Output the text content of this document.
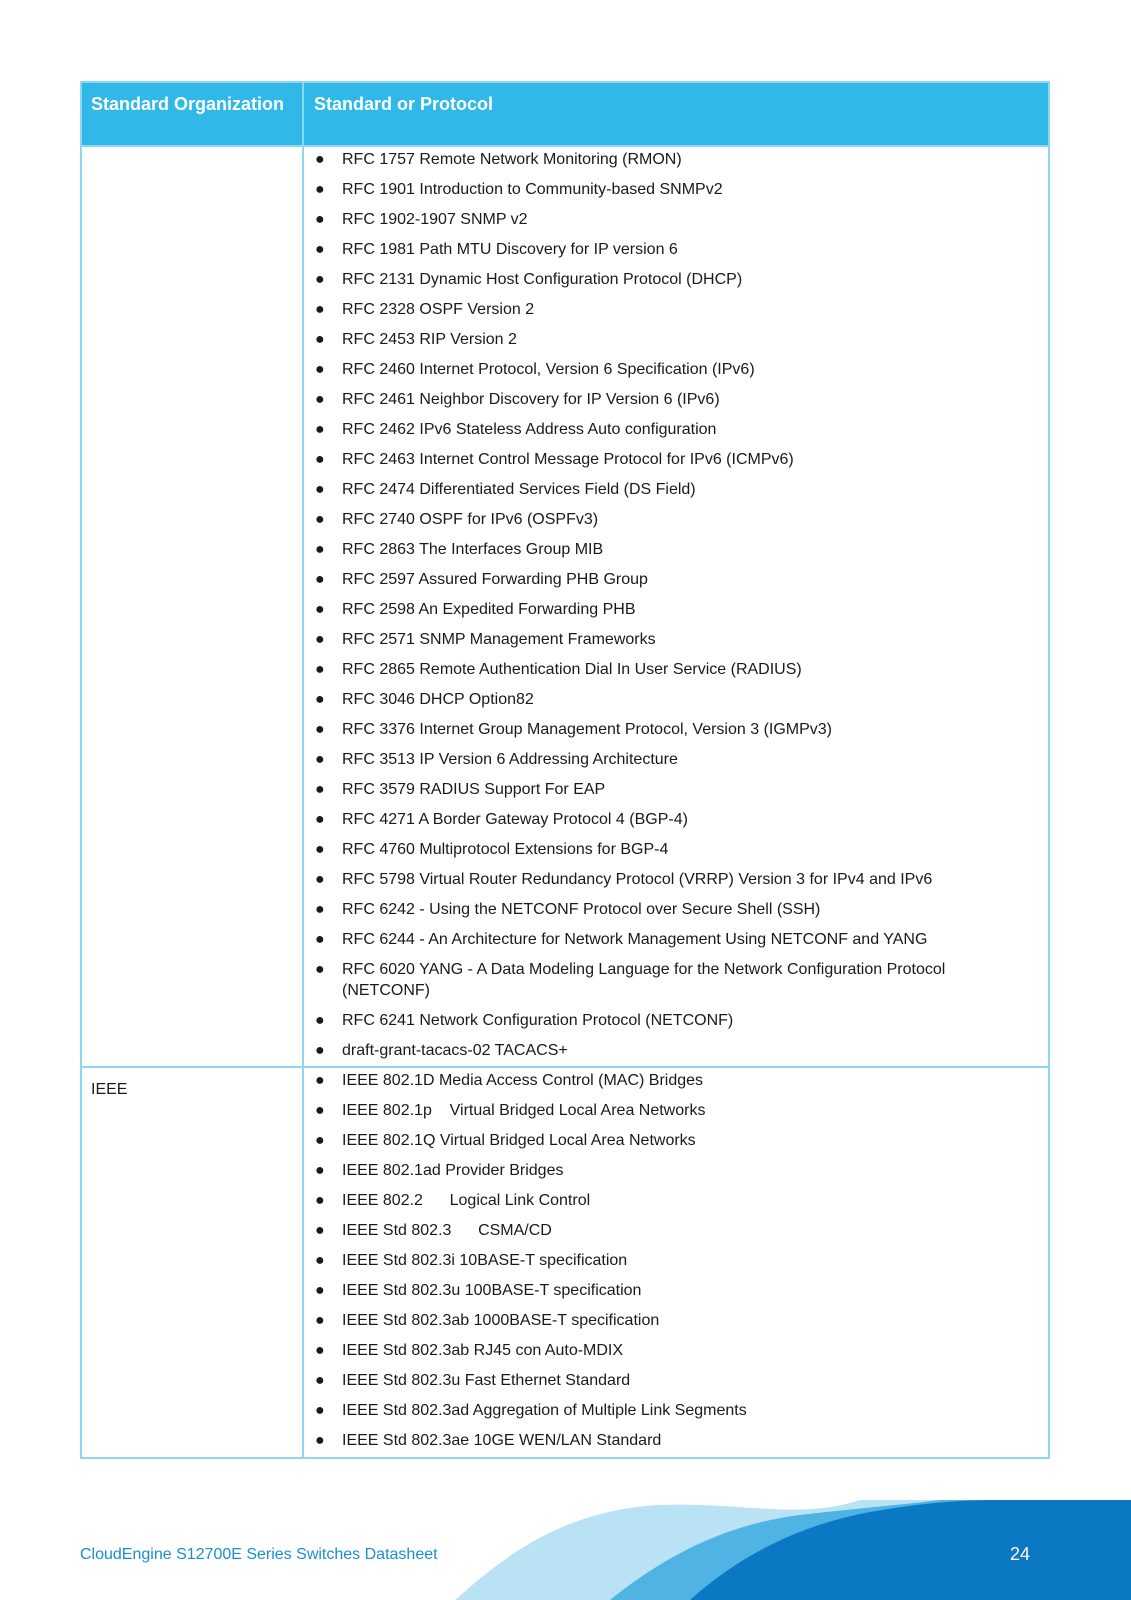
Standard Organization	Standard or Protocol
● RFC 1757 Remote Network Monitoring (RMON)
● RFC 1901 Introduction to Community-based SNMPv2
● RFC 1902-1907 SNMP v2
● RFC 1981 Path MTU Discovery for IP version 6
● RFC 2131 Dynamic Host Configuration Protocol (DHCP)
● RFC 2328 OSPF Version 2
● RFC 2453 RIP Version 2
● RFC 2460 Internet Protocol, Version 6 Specification (IPv6)
● RFC 2461 Neighbor Discovery for IP Version 6 (IPv6)
● RFC 2462 IPv6 Stateless Address Auto configuration
● RFC 2463 Internet Control Message Protocol for IPv6 (ICMPv6)
● RFC 2474 Differentiated Services Field (DS Field)
● RFC 2740 OSPF for IPv6 (OSPFv3)
● RFC 2863 The Interfaces Group MIB
● RFC 2597 Assured Forwarding PHB Group
● RFC 2598 An Expedited Forwarding PHB
● RFC 2571 SNMP Management Frameworks
● RFC 2865 Remote Authentication Dial In User Service (RADIUS)
● RFC 3046 DHCP Option82
● RFC 3376 Internet Group Management Protocol, Version 3 (IGMPv3)
● RFC 3513 IP Version 6 Addressing Architecture
● RFC 3579 RADIUS Support For EAP
● RFC 4271 A Border Gateway Protocol 4 (BGP-4)
● RFC 4760 Multiprotocol Extensions for BGP-4
● RFC 5798 Virtual Router Redundancy Protocol (VRRP) Version 3 for IPv4 and IPv6
● RFC 6242 - Using the NETCONF Protocol over Secure Shell (SSH)
● RFC 6244 - An Architecture for Network Management Using NETCONF and YANG
● RFC 6020 YANG - A Data Modeling Language for the Network Configuration Protocol (NETCONF)
● RFC 6241 Network Configuration Protocol (NETCONF)
● draft-grant-tacacs-02 TACACS+
IEEE
● IEEE 802.1D Media Access Control (MAC) Bridges
● IEEE 802.1p    Virtual Bridged Local Area Networks
● IEEE 802.1Q Virtual Bridged Local Area Networks
● IEEE 802.1ad Provider Bridges
● IEEE 802.2      Logical Link Control
● IEEE Std 802.3      CSMA/CD
● IEEE Std 802.3i 10BASE-T specification
● IEEE Std 802.3u 100BASE-T specification
● IEEE Std 802.3ab 1000BASE-T specification
● IEEE Std 802.3ab RJ45 con Auto-MDIX
● IEEE Std 802.3u Fast Ethernet Standard
● IEEE Std 802.3ad Aggregation of Multiple Link Segments
● IEEE Std 802.3ae 10GE WEN/LAN Standard
CloudEngine S12700E Series Switches Datasheet	24
